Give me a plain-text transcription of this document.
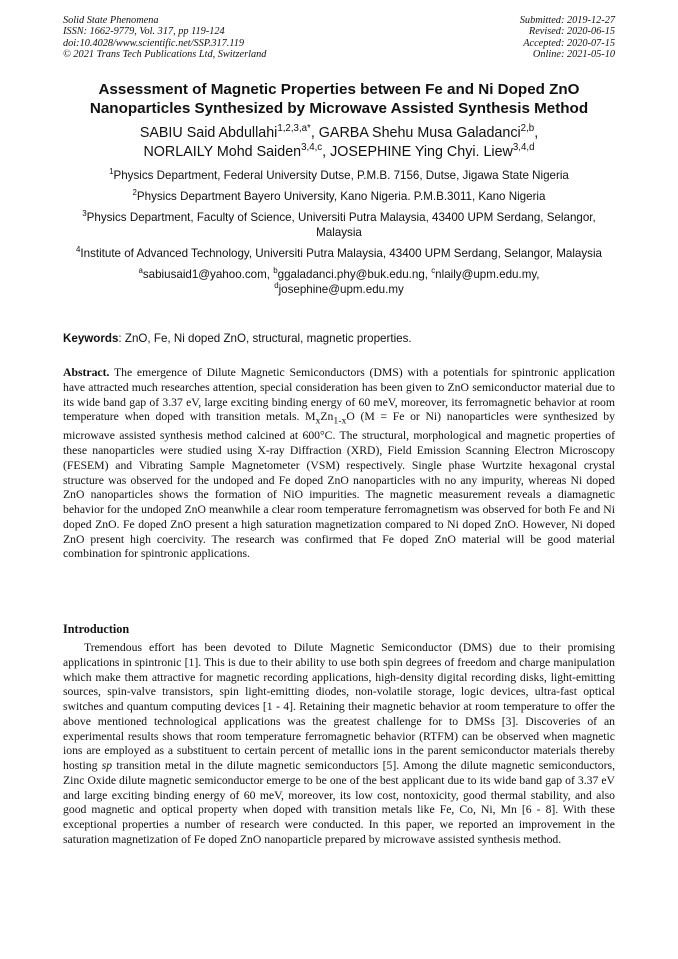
Solid State Phenomena
ISSN: 1662-9779, Vol. 317, pp 119-124
doi:10.4028/www.scientific.net/SSP.317.119
© 2021 Trans Tech Publications Ltd, Switzerland
Submitted: 2019-12-27
Revised: 2020-06-15
Accepted: 2020-07-15
Online: 2021-05-10
Assessment of Magnetic Properties between Fe and Ni Doped ZnO Nanoparticles Synthesized by Microwave Assisted Synthesis Method
SABIU Said Abdullahi$^{1,2,3,a*}$, GARBA Shehu Musa Galadanci$^{2,b}$,
NORLAILY Mohd Saiden$^{3,4,c}$, JOSEPHINE Ying Chyi. Liew$^{3,4,d}$

$^1$Physics Department, Federal University Dutse, P.M.B. 7156, Dutse, Jigawa State Nigeria

$^2$Physics Department Bayero University, Kano Nigeria. P.M.B.3011, Kano Nigeria

$^3$Physics Department, Faculty of Science, Universiti Putra Malaysia, 43400 UPM Serdang, Selangor, Malaysia

$^4$Institute of Advanced Technology, Universiti Putra Malaysia, 43400 UPM Serdang, Selangor, Malaysia

$^a$sabiusaid1@yahoo.com, $^b$ggaladanci.phy@buk.edu.ng, $^c$nlaily@upm.edu.my,
$^d$josephine@upm.edu.my

Keywords: ZnO, Fe, Ni doped ZnO, structural, magnetic properties.
Abstract. The emergence of Dilute Magnetic Semiconductors (DMS) with a potentials for spintronic application have attracted much researches attention, special consideration has been given to ZnO semiconductor material due to its wide band gap of 3.37 eV, large exciting binding energy of 60 meV, moreover, its ferromagnetic behavior at room temperature when doped with transition metals. $M_xZn_{1-x}O$ (M = Fe or Ni) nanoparticles were synthesized by microwave assisted synthesis method calcined at 600°C. The structural, morphological and magnetic properties of these nanoparticles were studied using X-ray Diffraction (XRD), Field Emission Scanning Electron Microscopy (FESEM) and Vibrating Sample Magnetometer (VSM) respectively. Single phase Wurtzite hexagonal crystal structure was observed for the undoped and Fe doped ZnO nanoparticles with no any impurity, whereas Ni doped ZnO nanoparticles shows the formation of NiO impurities. The magnetic measurement reveals a diamagnetic behavior for the undoped ZnO meanwhile a clear room temperature ferromagnetism was observed for both Fe and Ni doped ZnO. Fe doped ZnO present a high saturation magnetization compared to Ni doped ZnO. However, Ni doped ZnO present high coercivity. The research was confirmed that Fe doped ZnO material will be good material combination for spintronic applications.
Introduction
Tremendous effort has been devoted to Dilute Magnetic Semiconductor (DMS) due to their promising applications in spintronic [1]. This is due to their ability to use both spin degrees of freedom and charge manipulation which make them attractive for magnetic recording applications, high-density digital recording disks, light-emitting sources, spin-valve transistors, spin light-emitting diodes, non-volatile storage, logic devices, ultra-fast optical switches and quantum computing devices [1 - 4]. Retaining their magnetic behavior at room temperature to offer the above mentioned technological applications was the greatest challenge for to DMSs [3]. Discoveries of an experimental results shows that room temperature ferromagnetic behavior (RTFM) can be observed when magnetic ions are employed as a substituent to certain percent of metallic ions in the parent semiconductor materials thereby hosting sp transition metal in the dilute magnetic semiconductors [5]. Among the dilute magnetic semiconductors, Zinc Oxide dilute magnetic semiconductor emerge to be one of the best applicant due to its wide band gap of 3.37 eV and large exciting binding energy of 60 meV, moreover, its low cost, nontoxicity, good thermal stability, and also good magnetic and optical property when doped with transition metals like Fe, Co, Ni, Mn [6 - 8]. With these exceptional properties a number of research were conducted. In this paper, we reported an improvement in the saturation magnetization of Fe doped ZnO nanoparticle prepared by microwave assisted synthesis method.
